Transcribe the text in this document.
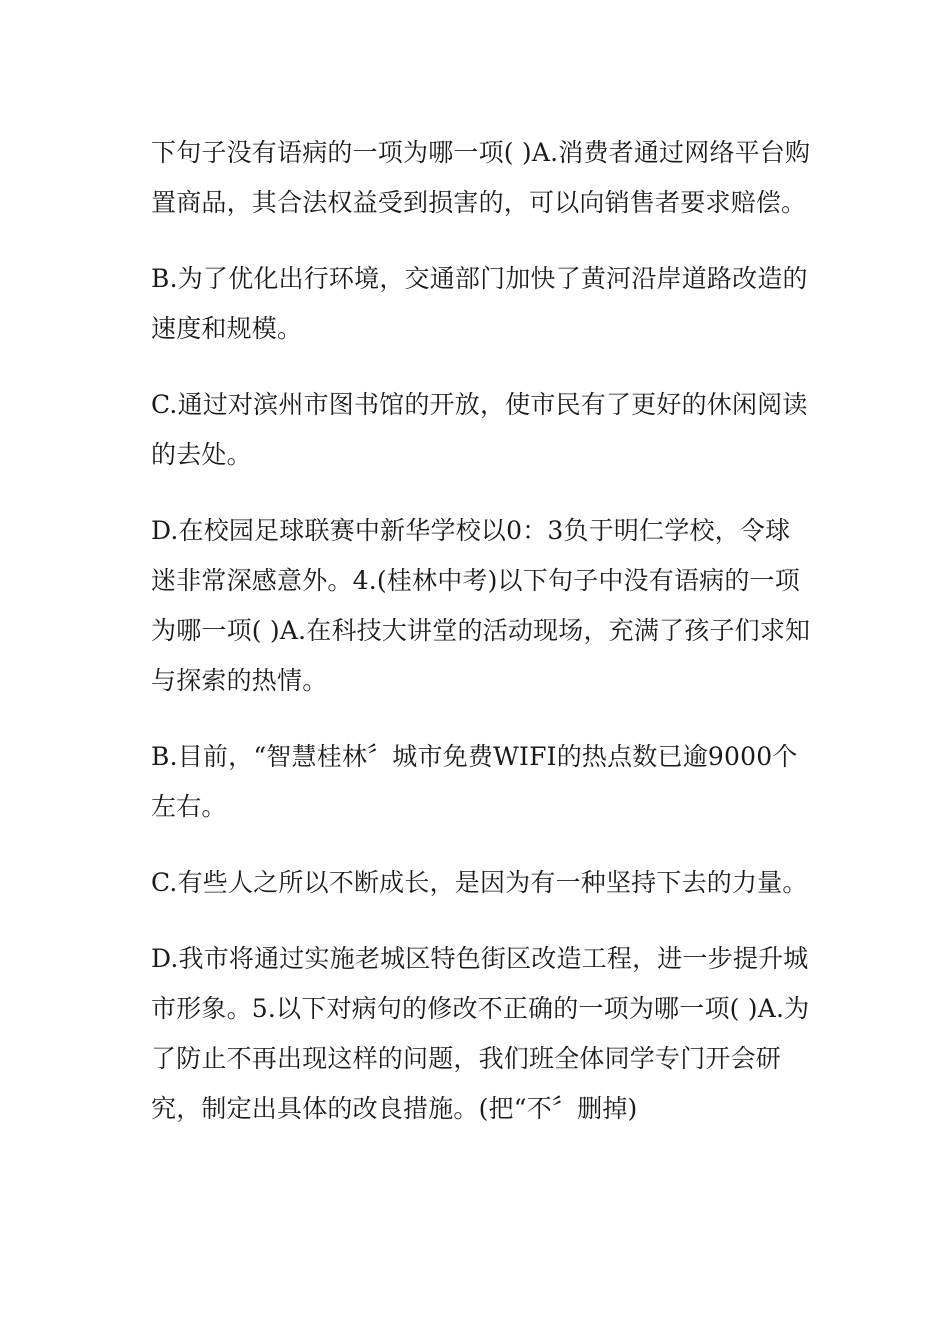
下句子没有语病的一项为哪一项( )A.消费者通过网络平台购置商品，其合法权益受到损害的，可以向销售者要求赔偿。

B.为了优化出行环境，交通部门加快了黄河沿岸道路改造的速度和规模。

C.通过对滨州市图书馆的开放，使市民有了更好的休闲阅读的去处。

D.在校园足球联赛中新华学校以0：3负于明仁学校，令球迷非常深感意外。4.(桂林中考)以下句子中没有语病的一项为哪一项( )A.在科技大讲堂的活动现场，充满了孩子们求知与探索的热情。

B.目前，“智慧桂林〞城市免费WIFI的热点数已逾9000个左右。

C.有些人之所以不断成长，是因为有一种坚持下去的力量。

D.我市将通过实施老城区特色街区改造工程，进一步提升城市形象。5.以下对病句的修改不正确的一项为哪一项( )A.为了防止不再出现这样的问题，我们班全体同学专门开会研究，制定出具体的改良措施。(把“不〞删掉)
